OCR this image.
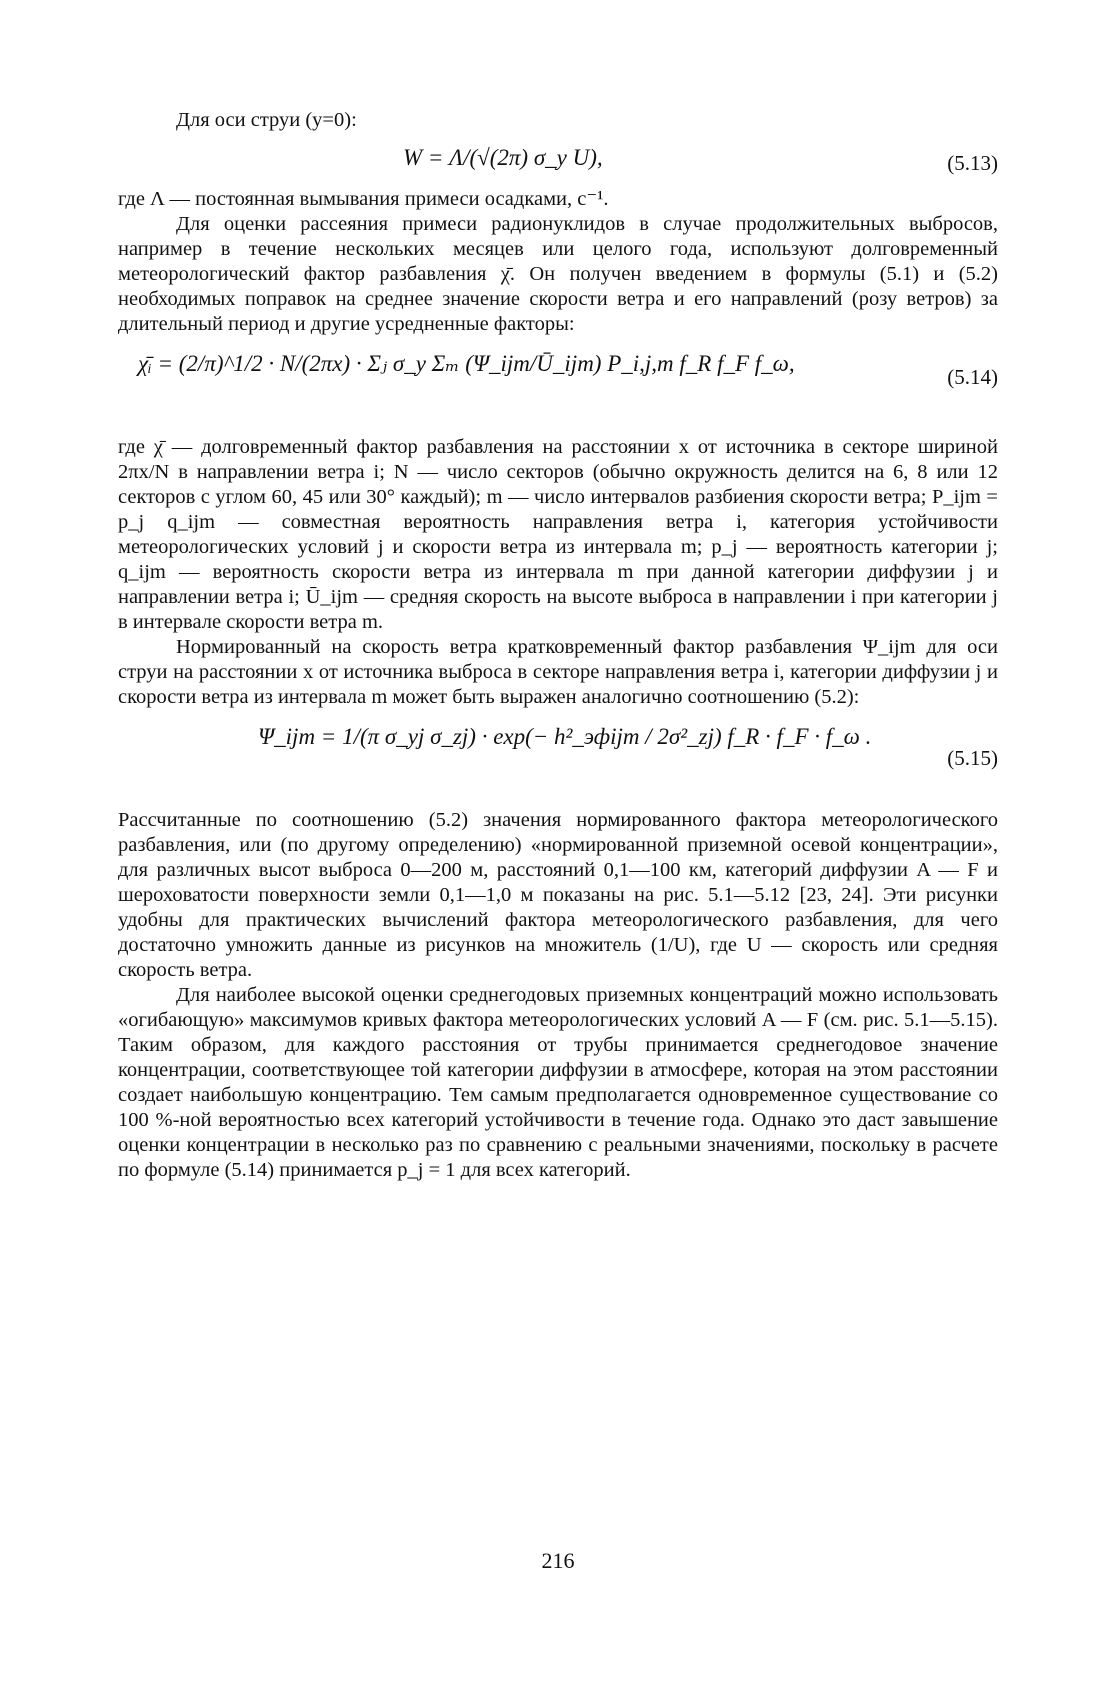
Для оси струи (y=0):

W = Λ/(√(2π) σ_y U),	(5.13)

где Λ — постоянная вымывания примеси осадками, с⁻¹.

Для оценки рассеяния примеси радионуклидов в случае продолжительных выбросов, например в течение нескольких месяцев или целого года, используют долговременный метеорологический фактор разбавления χ̄. Он получен введением в формулы (5.1) и (5.2) необходимых поправок на среднее значение скорости ветра и его направлений (розу ветров) за длительный период и другие усредненные факторы:

χ̄ᵢ = (2/π)^1/2 · N/(2πx) · Σⱼ σ_y Σₘ (Ψ_ijm/Ū_ijm) P_i,j,m f_R f_F f_ω,
(5.14)

где χ̄ — долговременный фактор разбавления на расстоянии x от источника в секторе шириной 2πx/N в направлении ветра i; N — число секторов (обычно окружность делится на 6, 8 или 12 секторов с углом 60, 45 или 30° каждый); m — число интервалов разбиения скорости ветра; P_ijm = p_j q_ijm — совместная вероятность направления ветра i, категория устойчивости метеорологических условий j и скорости ветра из интервала m; p_j — вероятность категории j; q_ijm — вероятность скорости ветра из интервала m при данной категории диффузии j и направлении ветра i; Ū_ijm — средняя скорость на высоте выброса в направлении i при категории j в интервале скорости ветра m.

Нормированный на скорость ветра кратковременный фактор разбавления Ψ_ijm для оси струи на расстоянии x от источника выброса в секторе направления ветра i, категории диффузии j и скорости ветра из интервала m может быть выражен аналогично соотношению (5.2):

Ψ_ijm = 1/(π σ_yj σ_zj) · exp(− h²_эфijm / 2σ²_zj) f_R · f_F · f_ω .
(5.15)

Рассчитанные по соотношению (5.2) значения нормированного фактора метеорологического разбавления, или (по другому определению) «нормированной приземной осевой концентрации», для различных высот выброса 0—200 м, расстояний 0,1—100 км, категорий диффузии A — F и шероховатости поверхности земли 0,1—1,0 м показаны на рис. 5.1—5.12 [23, 24]. Эти рисунки удобны для практических вычислений фактора метеорологического разбавления, для чего достаточно умножить данные из рисунков на множитель (1/U), где U — скорость или средняя скорость ветра.

Для наиболее высокой оценки среднегодовых приземных концентраций можно использовать «огибающую» максимумов кривых фактора метеорологических условий A — F (см. рис. 5.1—5.15). Таким образом, для каждого расстояния от трубы принимается среднегодовое значение концентрации, соответствующее той категории диффузии в атмосфере, которая на этом расстоянии создает наибольшую концентрацию. Тем самым предполагается одновременное существование со 100 %-ной вероятностью всех категорий устойчивости в течение года. Однако это даст завышение оценки концентрации в несколько раз по сравнению с реальными значениями, поскольку в расчете по формуле (5.14) принимается p_j = 1 для всех категорий.

216
